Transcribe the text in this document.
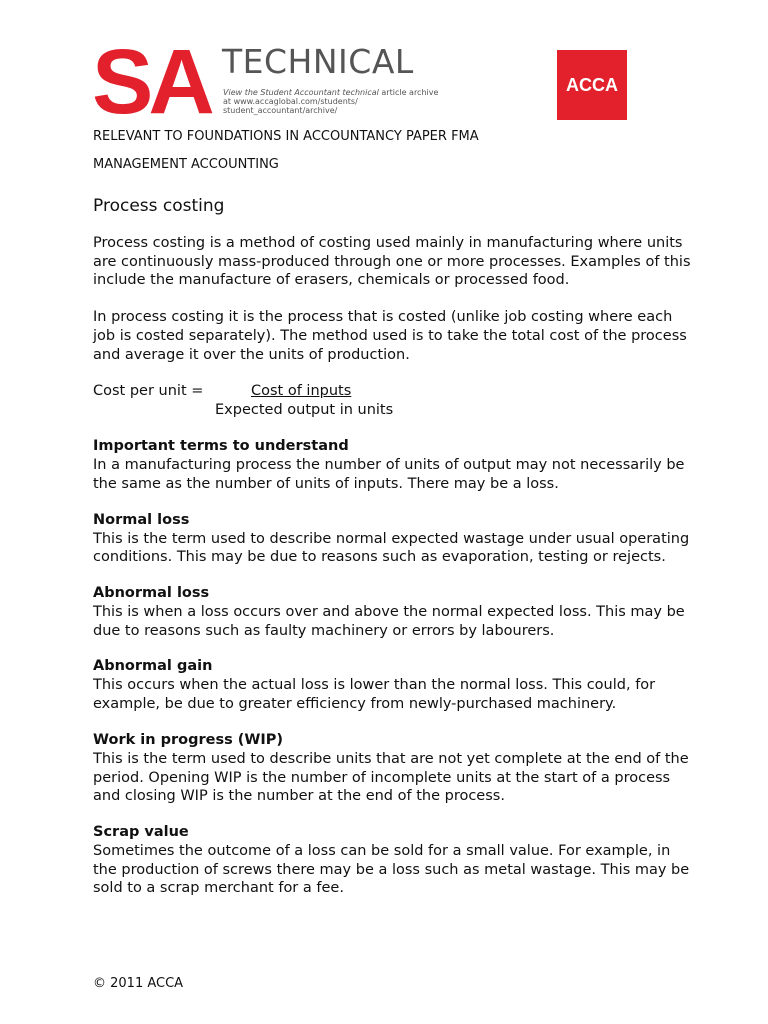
SA TECHNICAL
View the Student Accountant technical article archive at www.accaglobal.com/students/ student_accountant/archive/
ACCA

RELEVANT TO FOUNDATIONS IN ACCOUNTANCY PAPER FMA

MANAGEMENT ACCOUNTING

Process costing

Process costing is a method of costing used mainly in manufacturing where units are continuously mass-produced through one or more processes. Examples of this include the manufacture of erasers, chemicals or processed food.

In process costing it is the process that is costed (unlike job costing where each job is costed separately). The method used is to take the total cost of the process and average it over the units of production.

Cost per unit =	Cost of inputs
Expected output in units
Important terms to understand

In a manufacturing process the number of units of output may not necessarily be the same as the number of units of inputs. There may be a loss.

Normal loss

This is the term used to describe normal expected wastage under usual operating conditions. This may be due to reasons such as evaporation, testing or rejects.

Abnormal loss

This is when a loss occurs over and above the normal expected loss. This may be due to reasons such as faulty machinery or errors by labourers.

Abnormal gain

This occurs when the actual loss is lower than the normal loss. This could, for example, be due to greater efficiency from newly-purchased machinery.

Work in progress (WIP)

This is the term used to describe units that are not yet complete at the end of the period. Opening WIP is the number of incomplete units at the start of a process and closing WIP is the number at the end of the process.

Scrap value

Sometimes the outcome of a loss can be sold for a small value. For example, in the production of screws there may be a loss such as metal wastage. This may be sold to a scrap merchant for a fee.

© 2011 ACCA
